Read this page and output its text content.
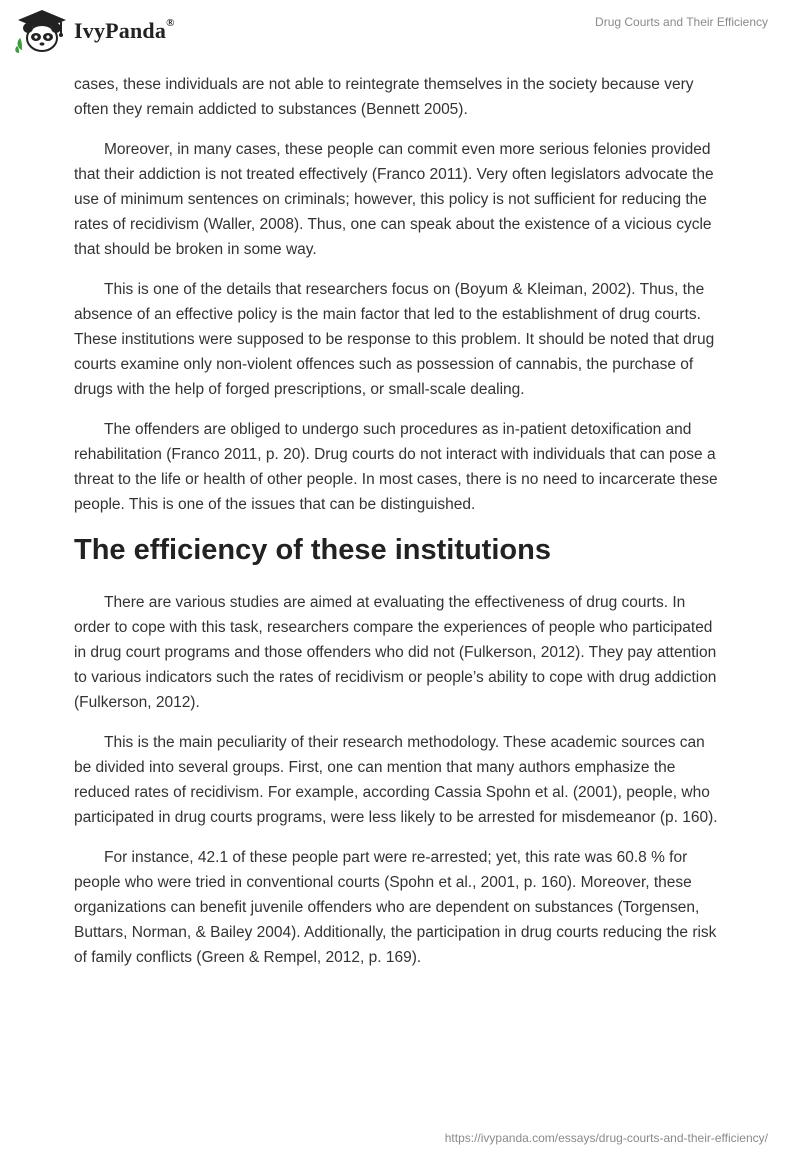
IvyPanda®	Drug Courts and Their Efficiency

cases, these individuals are not able to reintegrate themselves in the society because very often they remain addicted to substances (Bennett 2005).

Moreover, in many cases, these people can commit even more serious felonies provided that their addiction is not treated effectively (Franco 2011). Very often legislators advocate the use of minimum sentences on criminals; however, this policy is not sufficient for reducing the rates of recidivism (Waller, 2008). Thus, one can speak about the existence of a vicious cycle that should be broken in some way.

This is one of the details that researchers focus on (Boyum & Kleiman, 2002). Thus, the absence of an effective policy is the main factor that led to the establishment of drug courts. These institutions were supposed to be response to this problem. It should be noted that drug courts examine only non-violent offences such as possession of cannabis, the purchase of drugs with the help of forged prescriptions, or small-scale dealing.

The offenders are obliged to undergo such procedures as in-patient detoxification and rehabilitation (Franco 2011, p. 20). Drug courts do not interact with individuals that can pose a threat to the life or health of other people. In most cases, there is no need to incarcerate these people. This is one of the issues that can be distinguished.

The efficiency of these institutions

There are various studies are aimed at evaluating the effectiveness of drug courts. In order to cope with this task, researchers compare the experiences of people who participated in drug court programs and those offenders who did not (Fulkerson, 2012). They pay attention to various indicators such the rates of recidivism or people’s ability to cope with drug addiction (Fulkerson, 2012).

This is the main peculiarity of their research methodology. These academic sources can be divided into several groups. First, one can mention that many authors emphasize the reduced rates of recidivism. For example, according Cassia Spohn et al. (2001), people, who participated in drug courts programs, were less likely to be arrested for misdemeanor (p. 160).

For instance, 42.1 of these people part were re-arrested; yet, this rate was 60.8 % for people who were tried in conventional courts (Spohn et al., 2001, p. 160). Moreover, these organizations can benefit juvenile offenders who are dependent on substances (Torgensen, Buttars, Norman, & Bailey 2004). Additionally, the participation in drug courts reducing the risk of family conflicts (Green & Rempel, 2012, p. 169).

https://ivypanda.com/essays/drug-courts-and-their-efficiency/
